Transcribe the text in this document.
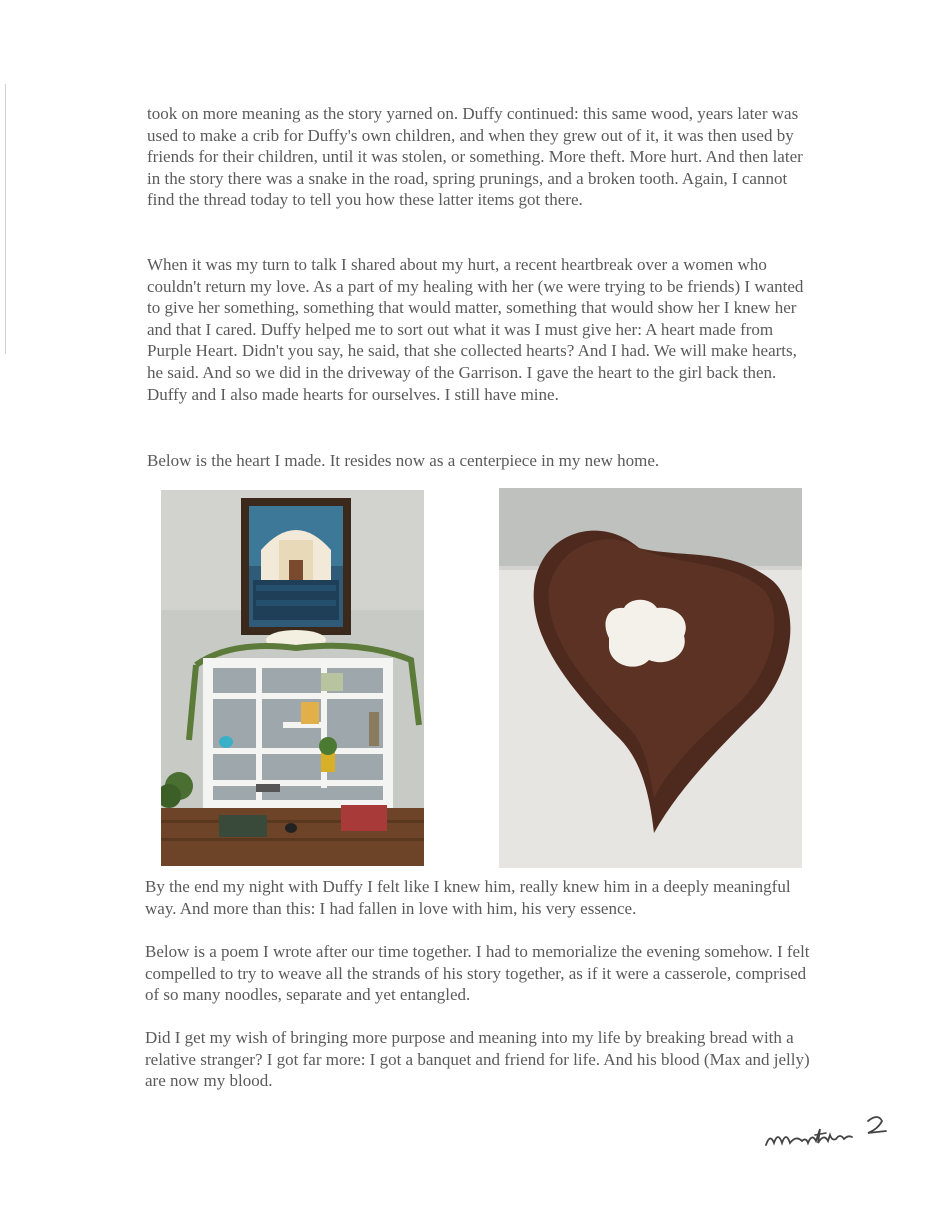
took on more meaning as the story yarned on. Duffy continued: this same wood, years later was used to make a crib for Duffy's own children, and when they grew out of it, it was then used by friends for their children, until it was stolen, or something. More theft. More hurt. And then later in the story there was a snake in the road, spring prunings, and a broken tooth. Again, I cannot find the thread today to tell you how these latter items got there.

When it was my turn to talk I shared about my hurt, a recent heartbreak over a women who couldn't return my love. As a part of my healing with her (we were trying to be friends) I wanted to give her something, something that would matter, something that would show her I knew her and that I cared. Duffy helped me to sort out what it was I must give her: A heart made from Purple Heart. Didn't you say, he said, that she collected hearts? And I had. We will make hearts, he said. And so we did in the driveway of the Garrison. I gave the heart to the girl back then. Duffy and I also made hearts for ourselves. I still have mine.

Below is the heart I made. It resides now as a centerpiece in my new home.

By the end my night with Duffy I felt like I knew him, really knew him in a deeply meaningful way. And more than this: I had fallen in love with him, his very essence.

Below is a poem I wrote after our time together. I had to memorialize the evening somehow. I felt compelled to try to weave all the strands of his story together, as if it were a casserole, comprised of so many noodles, separate and yet entangled.

Did I get my wish of bringing more purpose and meaning into my life by breaking bread with a relative stranger? I got far more: I got a banquet and friend for life. And his blood (Max and jelly) are now my blood.
